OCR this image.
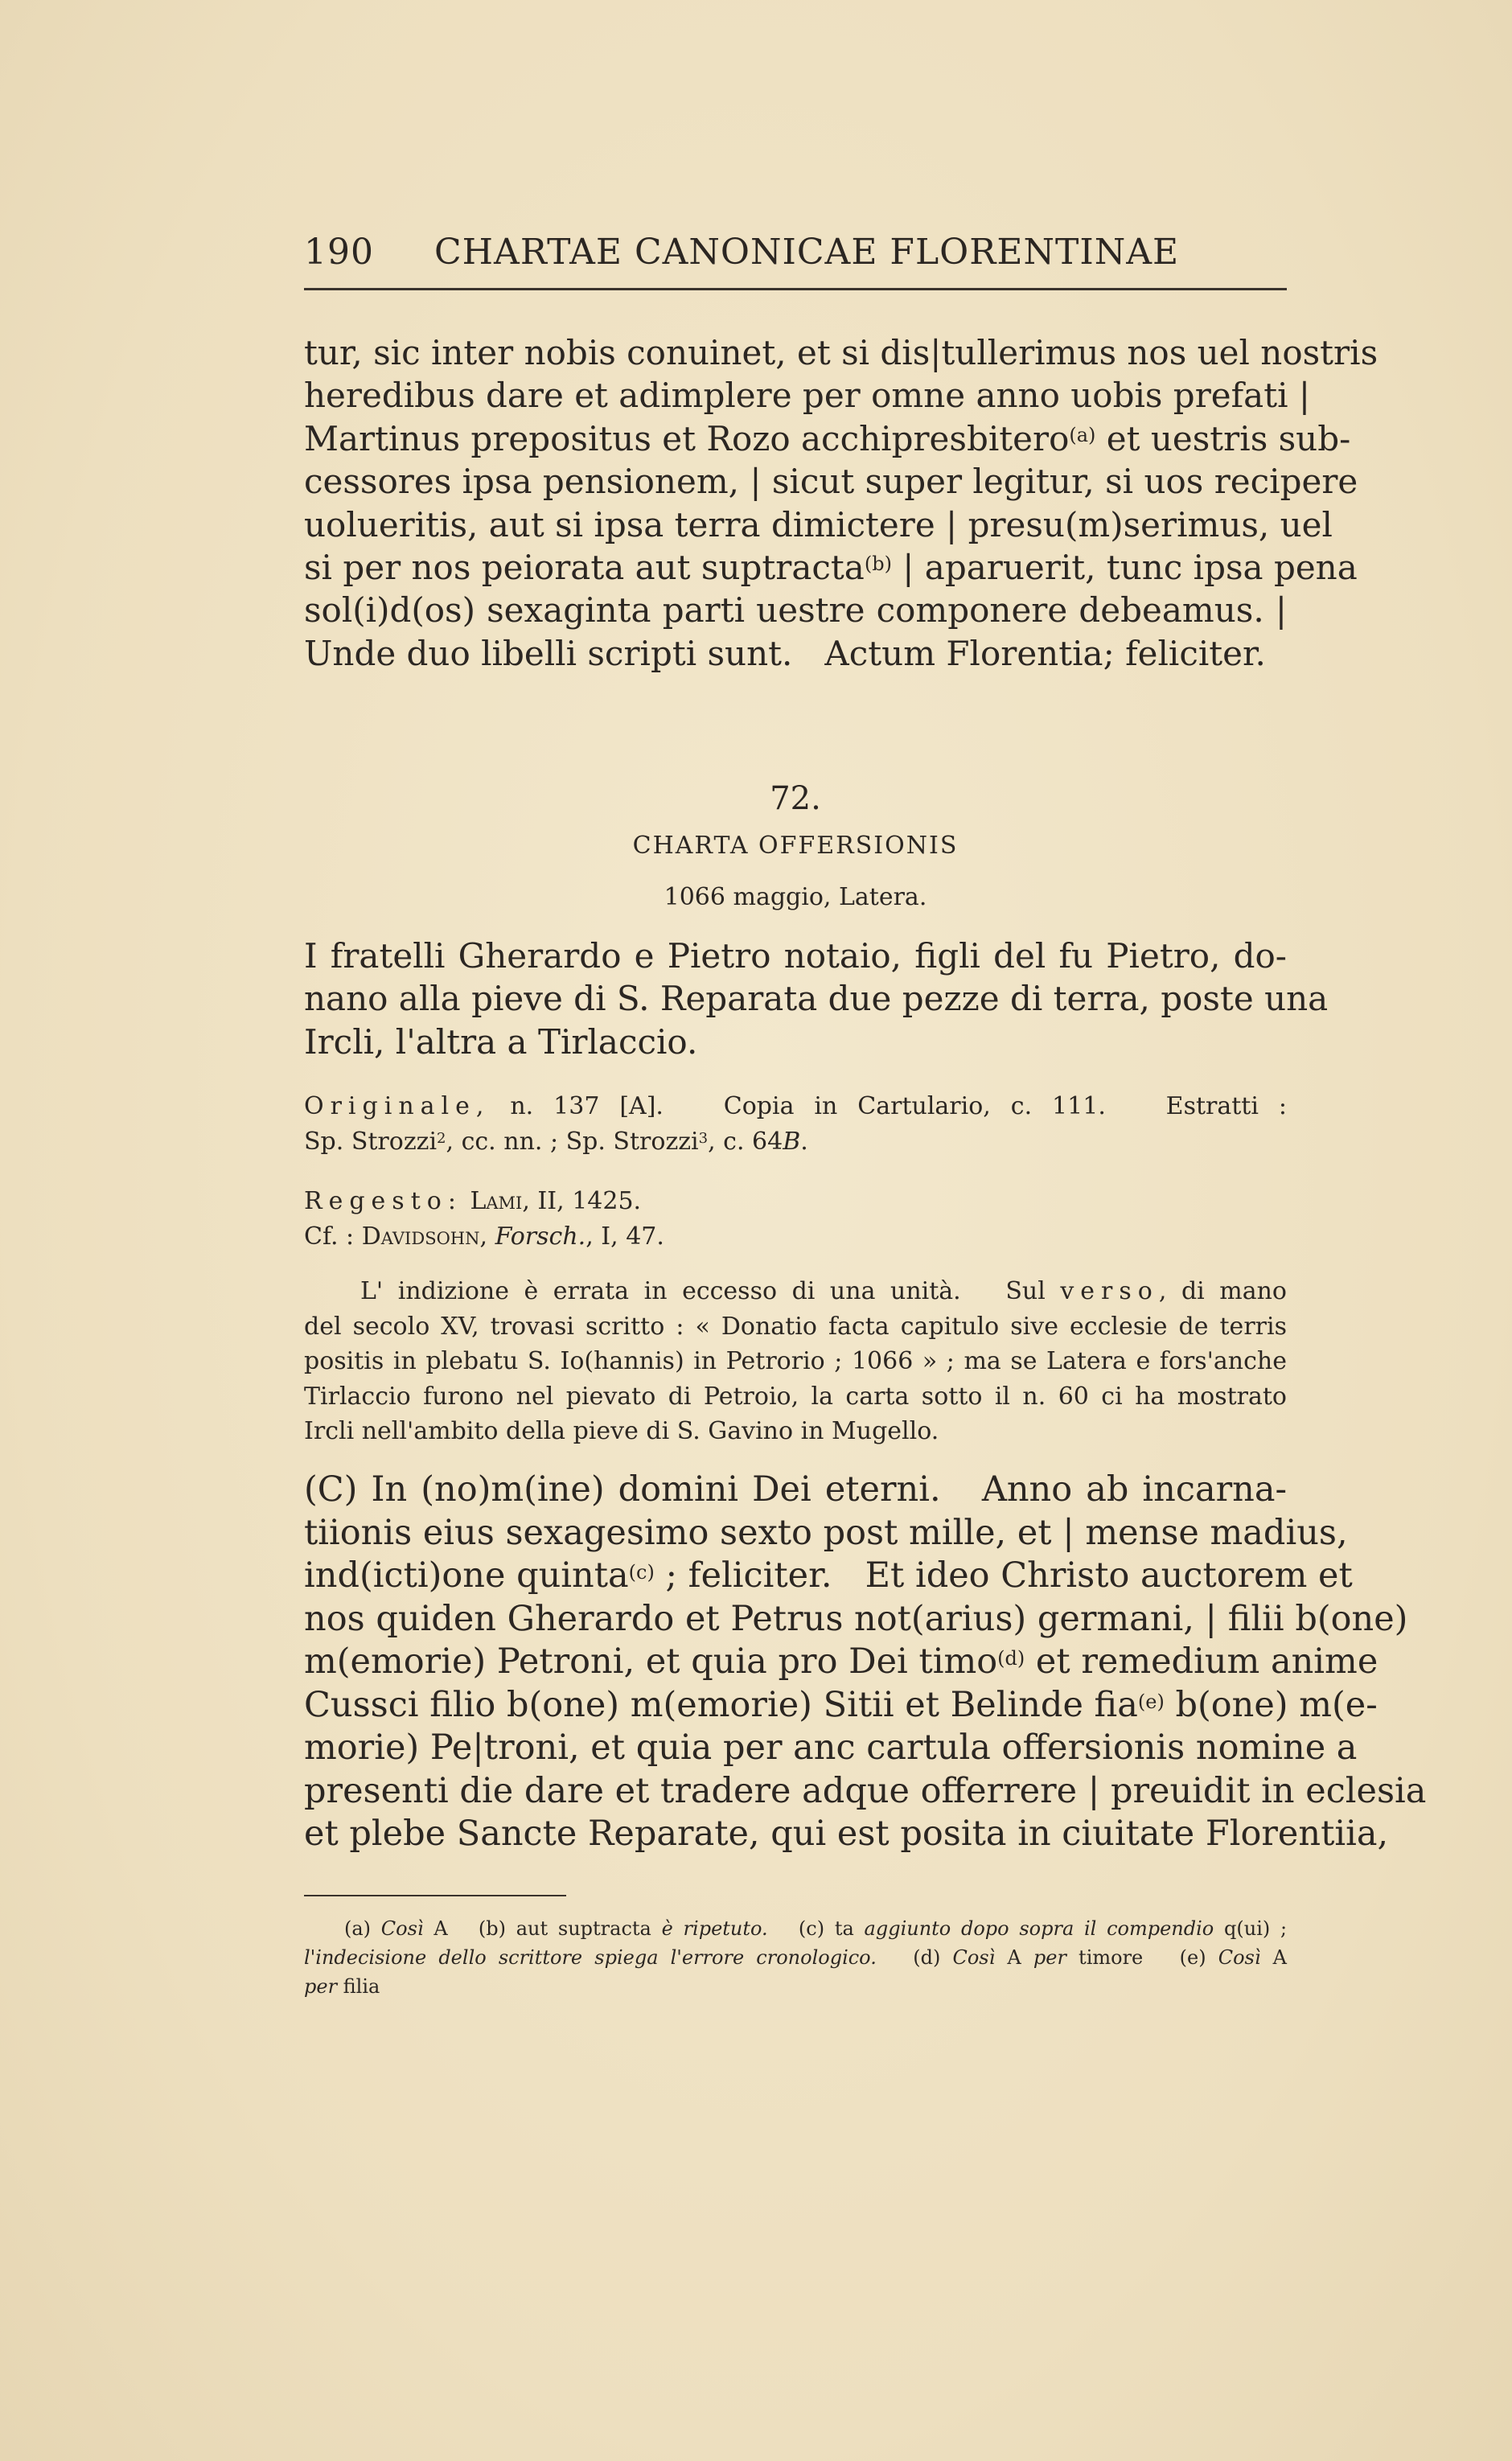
190 CHARTAE CANONICAE FLORENTINAE
tur, sic inter nobis conuinet, et si dis|tullerimus nos uel nostris
heredibus dare et adimplere per omne anno uobis prefati |
Martinus prepositus et Rozo acchipresbitero$^{(a)}$ et uestris sub-
cessores ipsa pensionem, | sicut super legitur, si uos recipere
uolueritis, aut si ipsa terra dimictere | presu(m)serimus, uel
si per nos peiorata aut suptracta$^{(b)}$ | aparuerit, tunc ipsa pena
sol(i)d(os) sexaginta parti uestre componere debeamus. |
Unde duo libelli scripti sunt.   Actum Florentia; feliciter.
72.
CHARTA OFFERSIONIS
1066 maggio, Latera.
I fratelli Gherardo e Pietro notaio, figli del fu Pietro, do-
nano alla pieve di S. Reparata due pezze di terra, poste una
Ircli, l'altra a Tirlaccio.
Originale, n. 137 [A].   Copia in Cartulario, c. 111.   Estratti :
Sp. Strozzi$^2$, cc. nn. ; Sp. Strozzi$^3$, c. 64B.
Regesto: Lami, II, 1425.
Cf. : Davidsohn, Forsch., I, 47.
L' indizione è errata in eccesso di una unità.   Sul verso, di mano
del secolo XV, trovasi scritto : « Donatio facta capitulo sive ecclesie de terris
positis in plebatu S. Io(hannis) in Petrorio ; 1066 » ; ma se Latera e fors'anche
Tirlaccio furono nel pievato di Petroio, la carta sotto il n. 60 ci ha mostrato
Ircli nell'ambito della pieve di S. Gavino in Mugello.
(C) In (no)m(ine) domini Dei eterni.   Anno ab incarna-
tiionis eius sexagesimo sexto post mille, et | mense madius,
ind(icti)one quinta$^{(c)}$ ; feliciter.   Et ideo Christo auctorem et
nos quiden Gherardo et Petrus not(arius) germani, | filii b(one)
m(emorie) Petroni, et quia pro Dei timo$^{(d)}$ et remedium anime
Cussci filio b(one) m(emorie) Sitii et Belinde fia$^{(e)}$ b(one) m(e-
morie) Pe|troni, et quia per anc cartula offersionis nomine a
presenti die dare et tradere adque offerrere | preuidit in eclesia
et plebe Sancte Reparate, qui est posita in ciuitate Florentiia,
(a) Così A (b) aut suptracta è ripetuto. (c) ta aggiunto dopo sopra il compendio q(ui) ;
l'indecisione dello scrittore spiega l'errore cronologico. (d) Così A per timore (e) Così A
per filia
